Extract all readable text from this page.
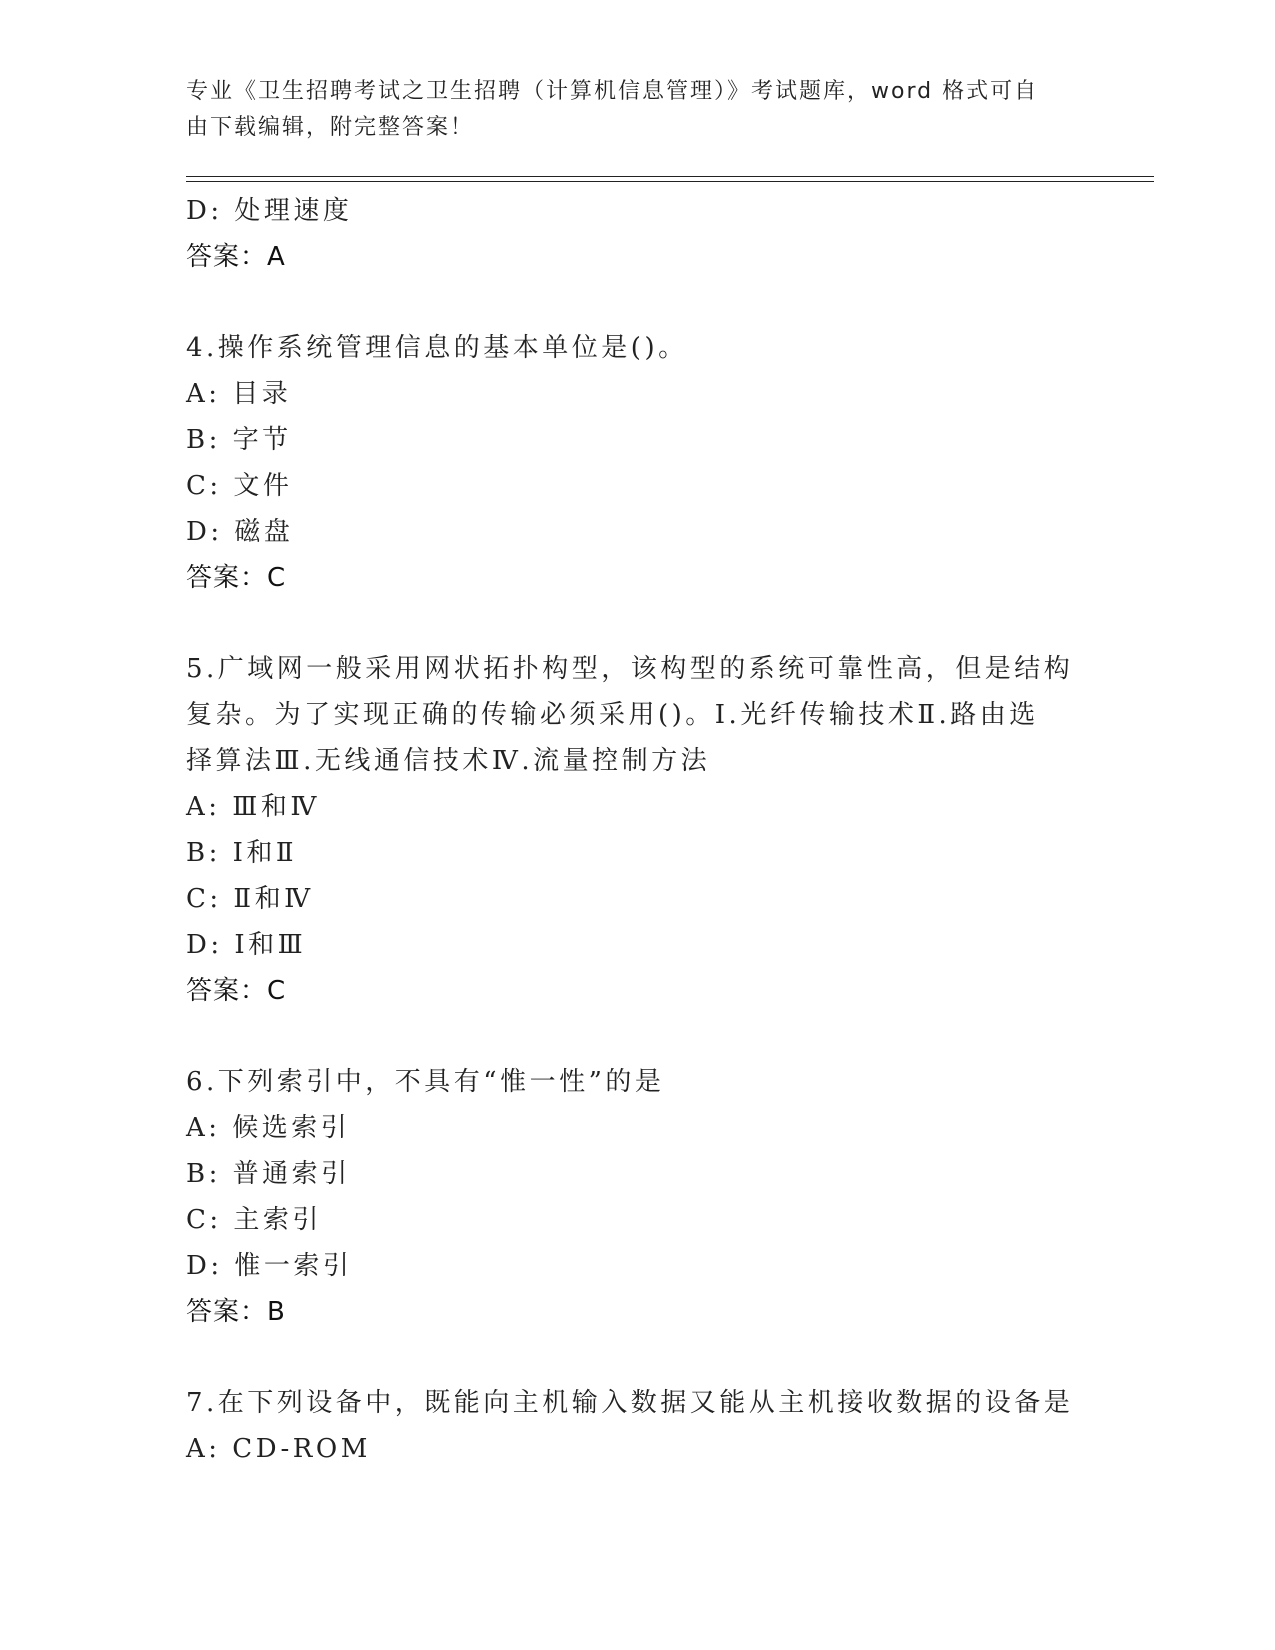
专业《卫生招聘考试之卫生招聘（计算机信息管理）》考试题库，word 格式可自
由下载编辑，附完整答案！
D: 处理速度
答案：A
4.操作系统管理信息的基本单位是()。
A: 目录
B: 字节
C: 文件
D: 磁盘
答案：C
5.广域网一般采用网状拓扑构型，该构型的系统可靠性高，但是结构
复杂。为了实现正确的传输必须采用()。Ⅰ.光纤传输技术Ⅱ.路由选
择算法Ⅲ.无线通信技术Ⅳ.流量控制方法
A: Ⅲ和Ⅳ
B: Ⅰ和Ⅱ
C: Ⅱ和Ⅳ
D: Ⅰ和Ⅲ
答案：C
6.下列索引中，不具有“惟一性”的是
A: 候选索引
B: 普通索引
C: 主索引
D: 惟一索引
答案：B
7.在下列设备中，既能向主机输入数据又能从主机接收数据的设备是
A: CD-ROM
